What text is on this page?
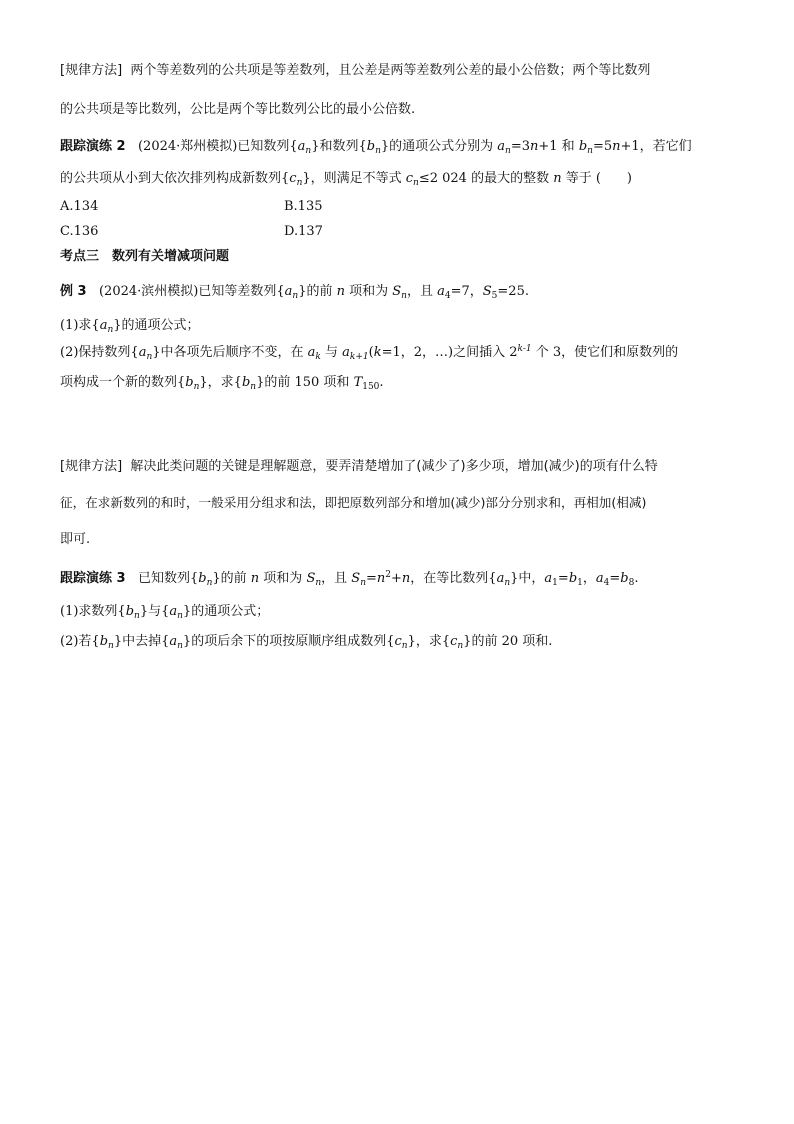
[规律方法] 两个等差数列的公共项是等差数列，且公差是两等差数列公差的最小公倍数；两个等比数列
的公共项是等比数列，公比是两个等比数列公比的最小公倍数.
跟踪演练 2 (2024·郑州模拟)已知数列$\{a_n\}$和数列$\{b_n\}$的通项公式分别为 $a_n=3n+1$ 和 $b_n=5n+1$，若它们
的公共项从小到大依次排列构成新数列$\{c_n\}$，则满足不等式 $c_n\le 2$ 024 的最大的整数 n 等于 (　　)
A.134	B.135
C.136	D.137
考点三　数列有关增减项问题
例 3 (2024·滨州模拟)已知等差数列$\{a_n\}$的前 n 项和为 $S_n$，且 $a_4=7$，$S_5=25$.
(1)求$\{a_n\}$的通项公式；
(2)保持数列$\{a_n\}$中各项先后顺序不变，在 $a_k$ 与 $a_{k+1}(k=1$，2，…)之间插入 2$^{k-1}$ 个 3，使它们和原数列的
项构成一个新的数列$\{b_n\}$，求$\{b_n\}$的前 150 项和 $T_{150}$.
[规律方法] 解决此类问题的关键是理解题意，要弄清楚增加了(减少了)多少项，增加(减少)的项有什么特
征，在求新数列的和时，一般采用分组求和法，即把原数列部分和增加(减少)部分分别求和，再相加(相减)
即可.
跟踪演练 3 已知数列$\{b_n\}$的前 n 项和为 $S_n$，且 $S_n=n^2+n$，在等比数列$\{a_n\}$中，$a_1=b_1$，$a_4=b_8$.
(1)求数列$\{b_n\}$与$\{a_n\}$的通项公式；
(2)若$\{b_n\}$中去掉$\{a_n\}$的项后余下的项按原顺序组成数列$\{c_n\}$，求$\{c_n\}$的前 20 项和.
